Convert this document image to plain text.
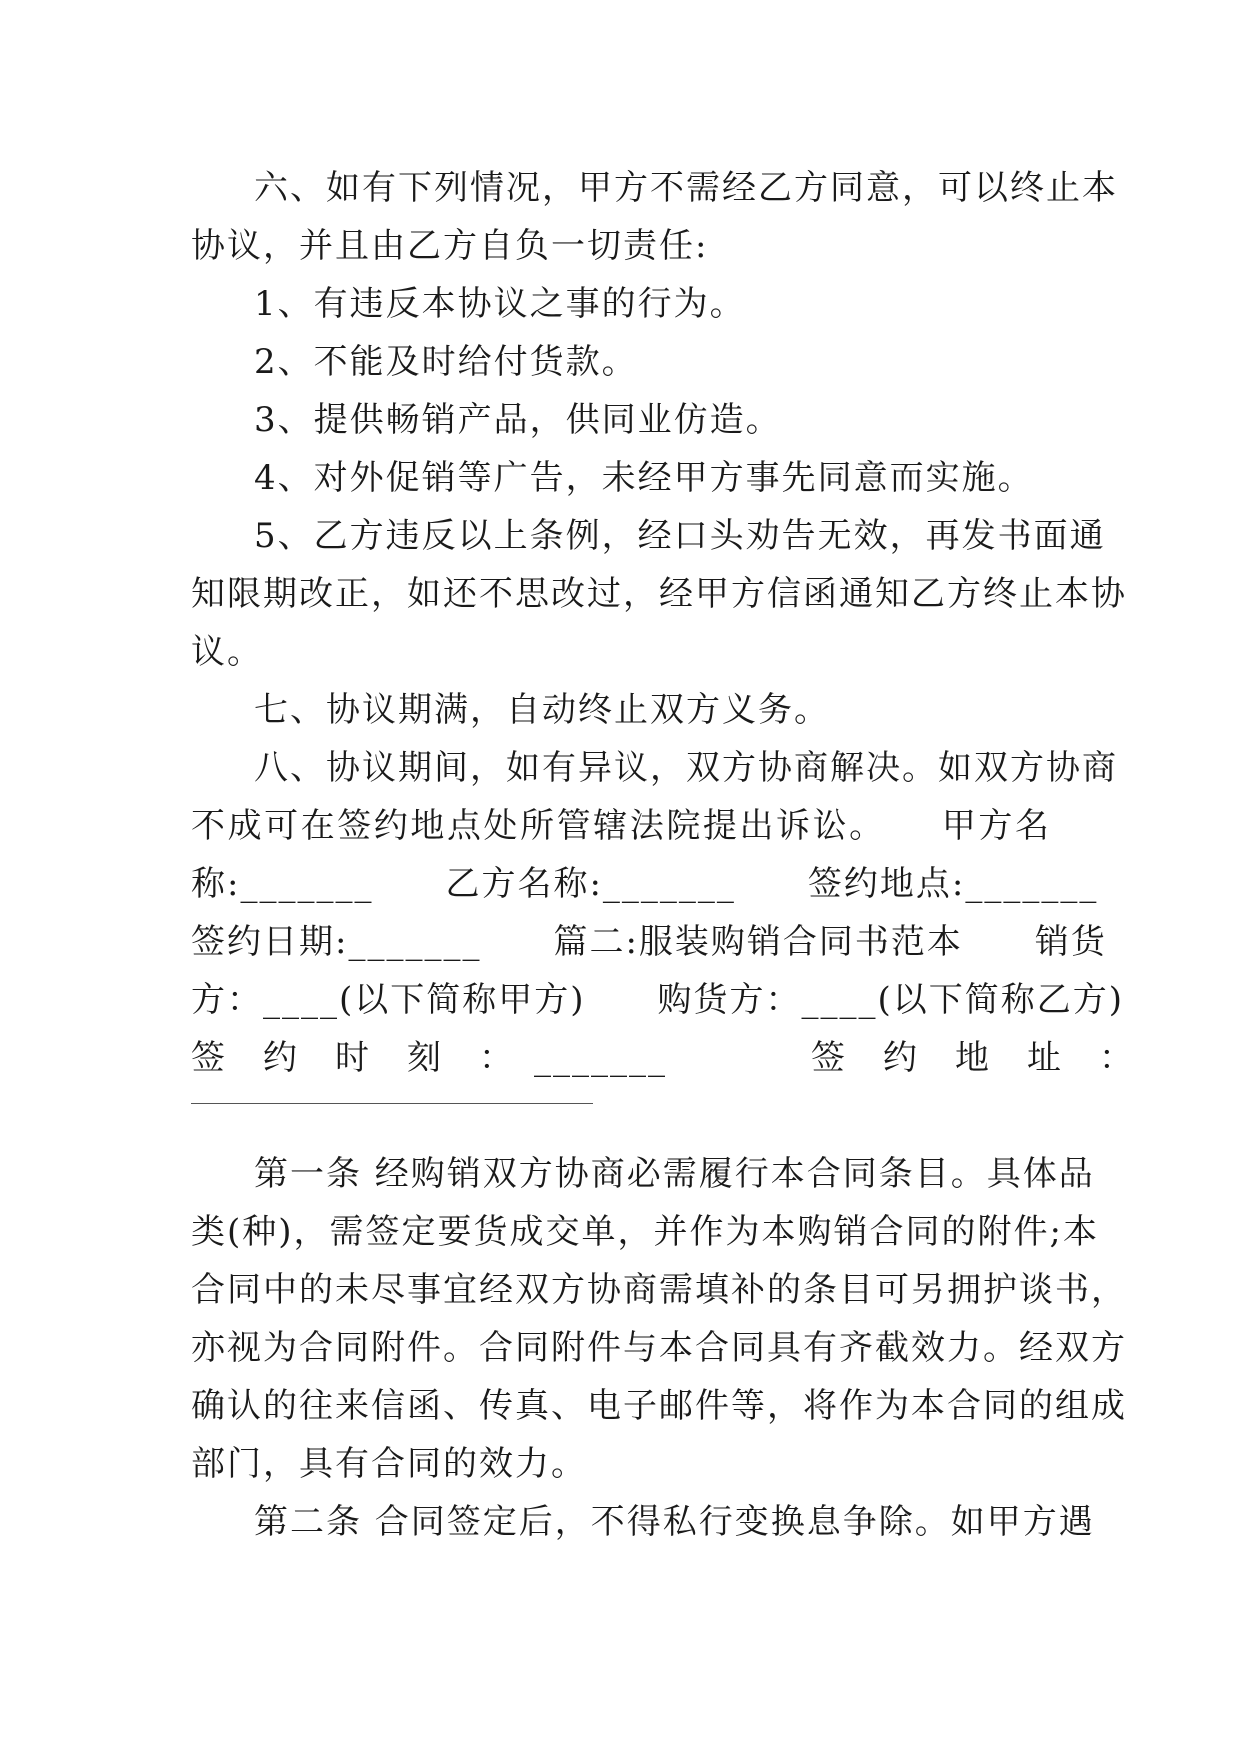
六、如有下列情况，甲方不需经乙方同意，可以终止本
协议，并且由乙方自负一切责任:
1、有违反本协议之事的行为。
2、不能及时给付货款。
3、提供畅销产品，供同业仿造。
4、对外促销等广告，未经甲方事先同意而实施。
5、乙方违反以上条例，经口头劝告无效，再发书面通
知限期改正，如还不思改过，经甲方信函通知乙方终止本协
议。
七、协议期满，自动终止双方义务。
八、协议期间，如有异议，双方协商解决。如双方协商
不成可在签约地点处所管辖法院提出诉讼。　　甲方名
称:_______　　乙方名称:_______　　签约地点:_______
签约日期:_______　　篇二:服装购销合同书范本　　销货
方：____(以下简称甲方)　　购货方：____(以下简称乙方)
签　约　时　刻　：　_______　　　　签　约　地　址　：
第一条 经购销双方协商必需履行本合同条目。具体品
类(种)，需签定要货成交单，并作为本购销合同的附件;本
合同中的未尽事宜经双方协商需填补的条目可另拥护谈书，
亦视为合同附件。合同附件与本合同具有齐截效力。经双方
确认的往来信函、传真、电子邮件等，将作为本合同的组成
部门，具有合同的效力。
第二条 合同签定后，不得私行变换息争除。如甲方遇
